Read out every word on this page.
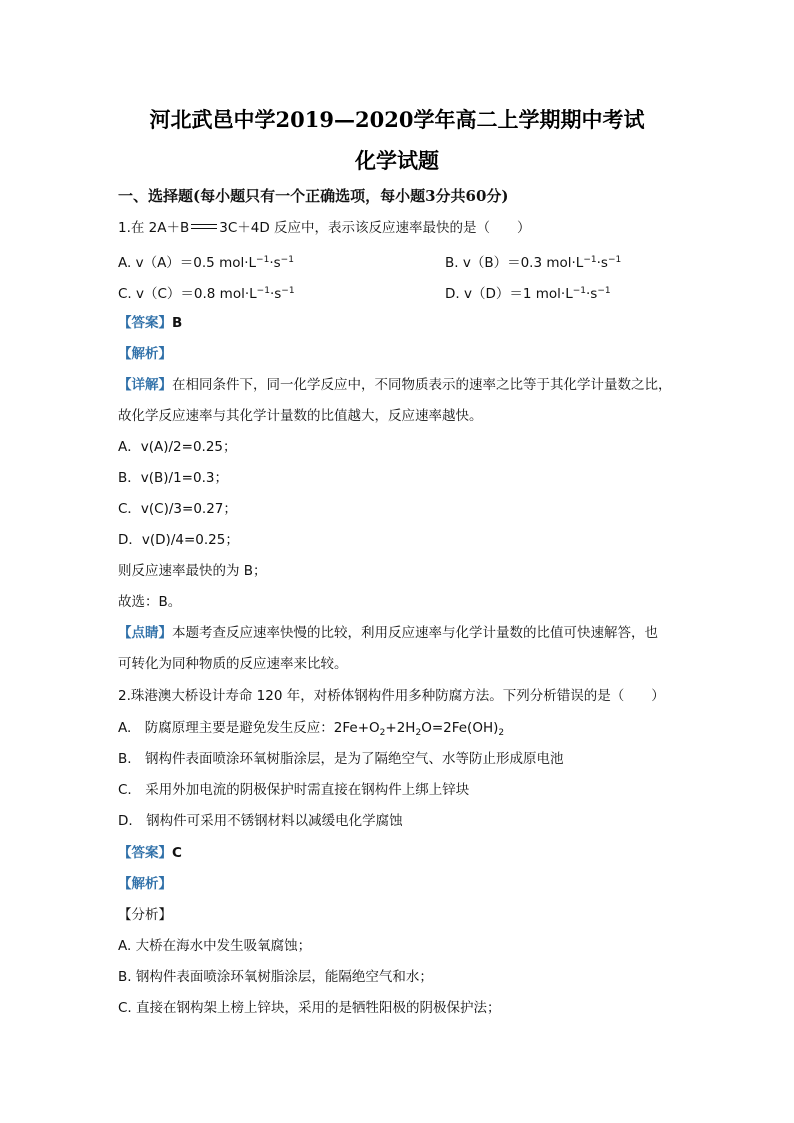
河北武邑中学2019—2020学年高二上学期期中考试
化学试题
一、选择题(每小题只有一个正确选项，每小题3分共60分)
1.在 2A＋B 3C＋4D 反应中，表示该反应速率最快的是（　　）
A. v（A）＝0.5 $mol\cdot L^{-1}\cdot s^{-1}$	B. v（B）＝0.3 $mol\cdot L^{-1}\cdot s^{-1}$
C. v（C）＝0.8 $mol\cdot L^{-1}\cdot s^{-1}$	D. v（D）＝1 $mol\cdot L^{-1}\cdot s^{-1}$
【答案】B
【解析】
【详解】在相同条件下，同一化学反应中，不同物质表示的速率之比等于其化学计量数之比，
故化学反应速率与其化学计量数的比值越大，反应速率越快。
A．v(A)/2=0.25；
B．v(B)/1=0.3；
C．v(C)/3=0.27；
D．v(D)/4=0.25；
则反应速率最快的为 B；
故选：B。
【点睛】本题考查反应速率快慢的比较，利用反应速率与化学计量数的比值可快速解答，也
可转化为同种物质的反应速率来比较。
2.珠港澳大桥设计寿命 120 年，对桥体钢构件用多种防腐方法。下列分析错误的是（　　）
A.　防腐原理主要是避免发生反应：$2Fe+O_2+2H_2O=2Fe(OH)_2$
B.　钢构件表面喷涂环氧树脂涂层，是为了隔绝空气、水等防止形成原电池
C.　采用外加电流的阴极保护时需直接在钢构件上绑上锌块
D.　钢构件可采用不锈钢材料以减缓电化学腐蚀
【答案】C
【解析】
【分析】
A. 大桥在海水中发生吸氧腐蚀；
B. 钢构件表面喷涂环氧树脂涂层，能隔绝空气和水；
C. 直接在钢构架上榜上锌块，采用的是牺牲阳极的阴极保护法；
